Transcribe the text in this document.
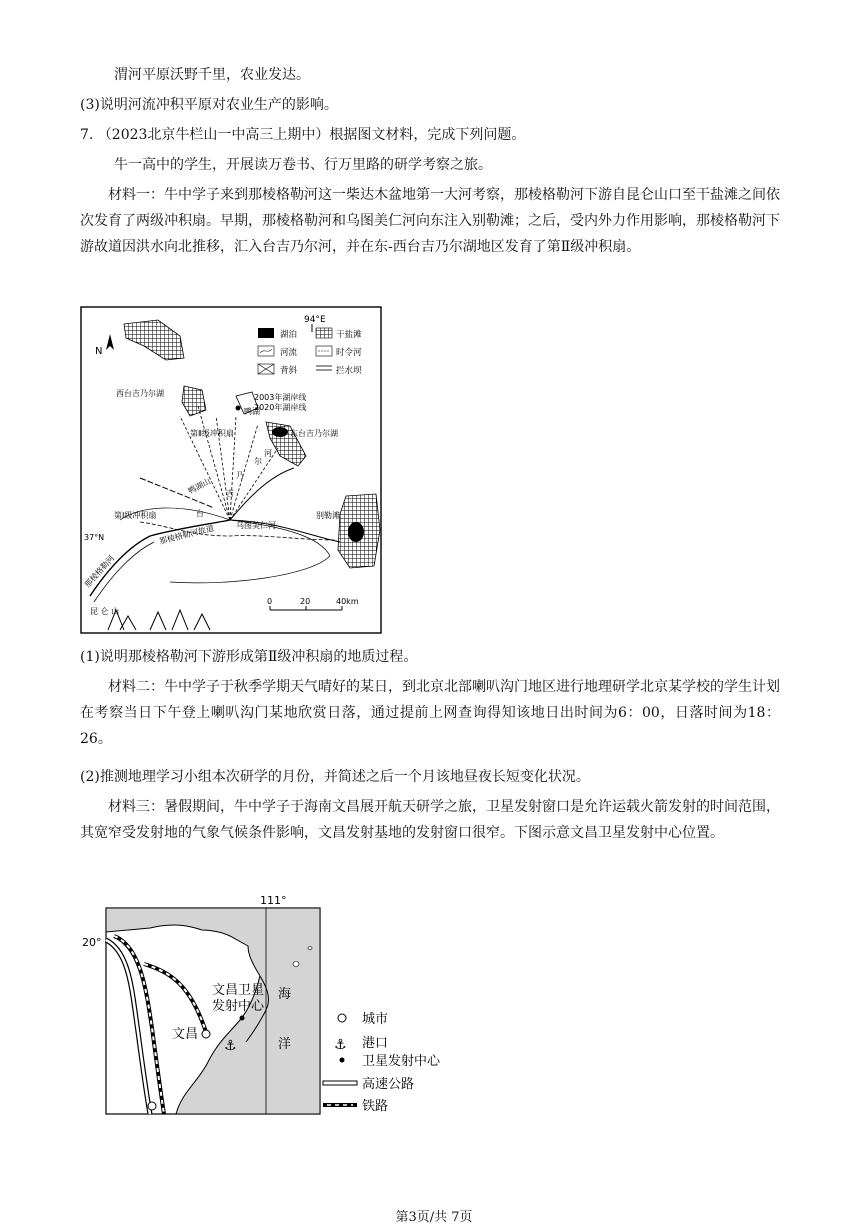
渭河平原沃野千里，农业发达。

(3)说明河流冲积平原对农业生产的影响。

7. （2023北京牛栏山一中高三上期中）根据图文材料，完成下列问题。

牛一高中的学生，开展读万卷书、行万里路的研学考察之旅。

材料一：牛中学子来到那棱格勒河这一柴达木盆地第一大河考察，那棱格勒河下游自昆仑山口至干盐滩之间依次发育了两级冲积扇。早期，那棱格勒河和乌图美仁河向东注入别勒滩；之后，受内外力作用影响，那棱格勒河下游故道因洪水向北推移，汇入台吉乃尔河，并在东-西台吉乃尔湖地区发育了第Ⅱ级冲积扇。

N
94°E
湖泊	干盐滩
河流	时令河
背斜	拦水坝
西台吉乃尔湖	2003年湖岸线
2020年湖岸线
鸭湖
第Ⅱ级冲积扇	东台吉乃尔湖
河
尔
乃
吉
鸭湖山
第Ⅰ级冲积扇	台
乌图美仁河
别勒滩
那棱格勒河故道
那棱格勒河
37°N
昆 仑 山
0	20	40km

(1)说明那棱格勒河下游形成第Ⅱ级冲积扇的地质过程。

材料二：牛中学子于秋季学期天气晴好的某日，到北京北部喇叭沟门地区进行地理研学北京某学校的学生计划在考察当日下午登上喇叭沟门某地欣赏日落，通过提前上网查询得知该地日出时间为6：00，日落时间为18：26。

(2)推测地理学习小组本次研学的月份，并简述之后一个月该地昼夜长短变化状况。

材料三：暑假期间，牛中学子于海南文昌展开航天研学之旅，卫星发射窗口是允许运载火箭发射的时间范围，其宽窄受发射地的气象气候条件影响，文昌发射基地的发射窗口很窄。下图示意文昌卫星发射中心位置。

⚓
111°
20°
文昌
文昌卫星
发射中心
海
洋
城市
⚓ 港口
卫星发射中心
高速公路
铁路
第3页/共 7页
